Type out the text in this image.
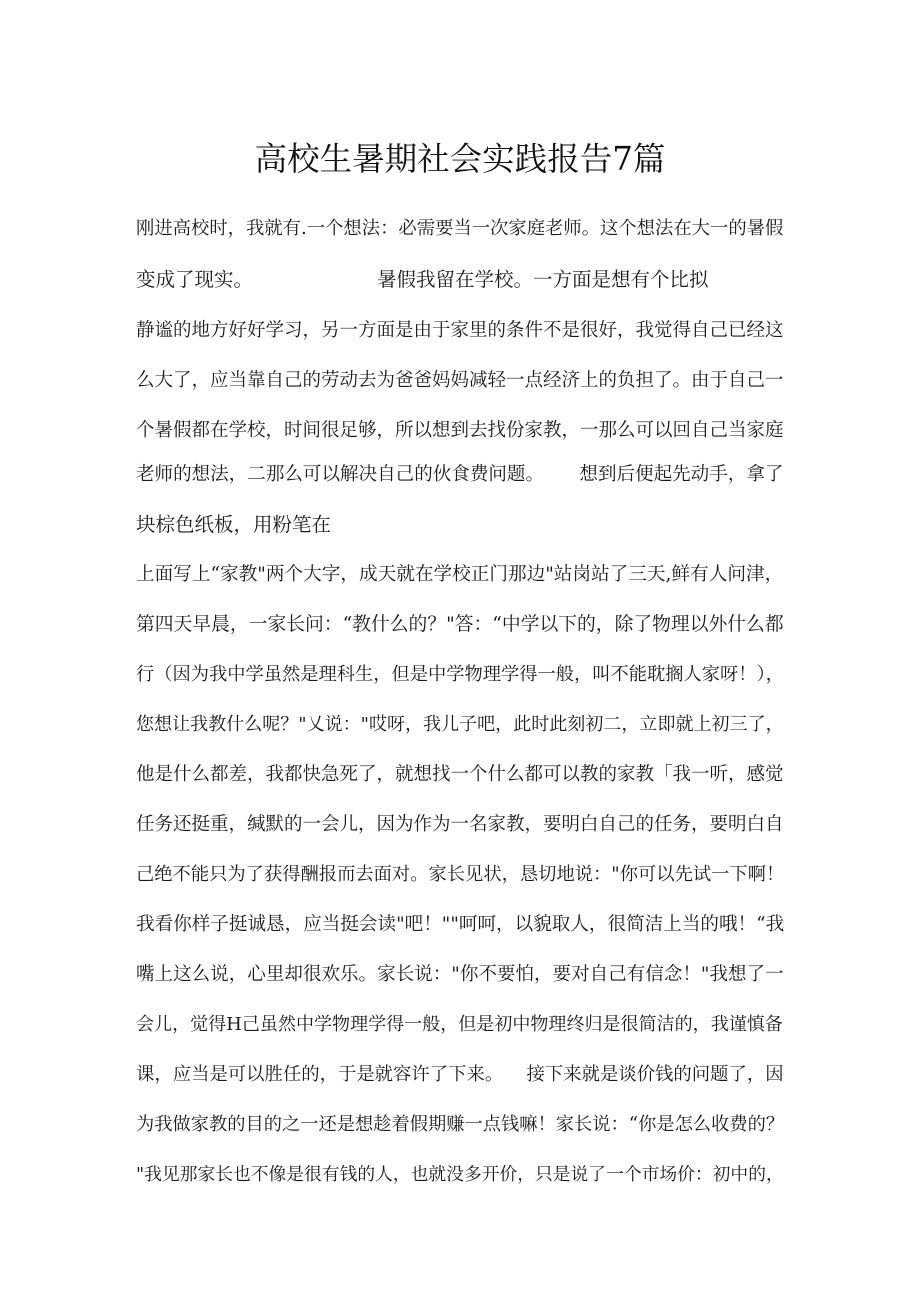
高校生暑期社会实践报告7篇
刚进高校时，我就有.一个想法：必需要当一次家庭老师。这个想法在大一的暑假
变成了现实。                    暑假我留在学校。一方面是想有个比拟
静谧的地方好好学习，另一方面是由于家里的条件不是很好，我觉得自己已经这
么大了，应当靠自己的劳动去为爸爸妈妈减轻一点经济上的负担了。由于自己一
个暑假都在学校，时间很足够，所以想到去找份家教，一那么可以回自己当家庭
老师的想法，二那么可以解决自己的伙食费问题。      想到后便起先动手，拿了
块棕色纸板，用粉笔在
上面写上“家教"两个大字，成天就在学校正门那边"站岗站了三天,鲜有人问津，
第四天早晨，一家长问：“教什么的？"答：“中学以下的，除了物理以外什么都
行（因为我中学虽然是理科生，但是中学物理学得一般，叫不能耽搁人家呀！），
您想让我教什么呢？"乂说："哎呀，我儿子吧，此时此刻初二，立即就上初三了，
他是什么都差，我都快急死了，就想找一个什么都可以教的家教「我一听，感觉
任务还挺重，缄默的一会儿，因为作为一名家教，要明白自己的任务，要明白自
己绝不能只为了获得酬报而去面对。家长见状，恳切地说："你可以先试一下啊！
我看你样子挺诚恳，应当挺会读"吧！""呵呵，以貌取人，很简洁上当的哦！“我
嘴上这么说，心里却很欢乐。家长说："你不要怕，要对自己有信念！"我想了一
会儿，觉得H己虽然中学物理学得一般，但是初中物理终归是很简洁的，我谨慎备
课，应当是可以胜任的，于是就容许了下来。    接下来就是谈价钱的问题了，因
为我做家教的目的之一还是想趁着假期赚一点钱嘛！家长说：“你是怎么收费的？
"我见那家长也不像是很有钱的人，也就没多开价，只是说了一个市场价：初中的，
